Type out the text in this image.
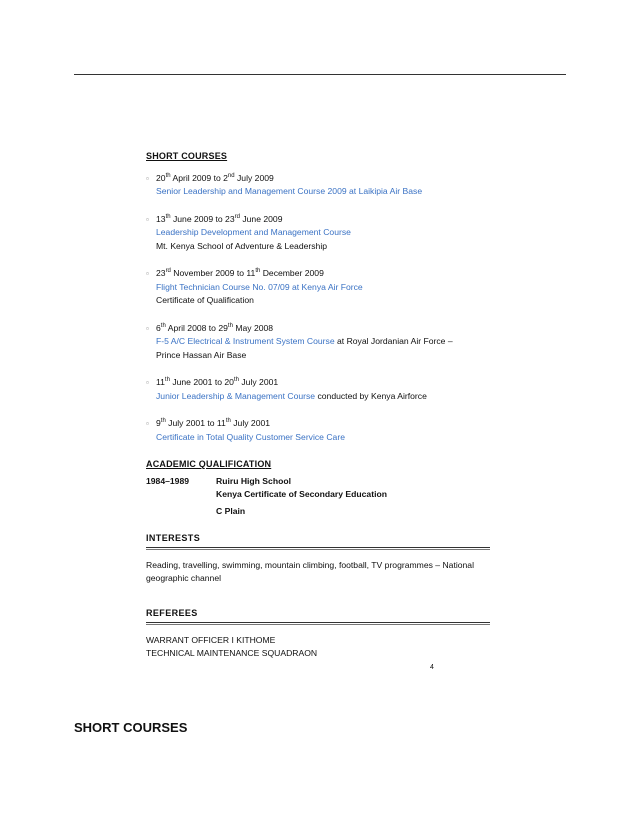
SHORT COURSES
▫ 20th April 2009 to 2nd July 2009
Senior Leadership and Management Course 2009 at Laikipia Air Base
▫ 13th June 2009 to 23rd June 2009
Leadership Development and Management Course
Mt. Kenya School of Adventure & Leadership
▫ 23rd November 2009 to 11th December 2009
Flight Technician Course No. 07/09 at Kenya Air Force
Certificate of Qualification
▫ 6th April 2008 to 29th May 2008
F-5 A/C Electrical & Instrument System Course at Royal Jordanian Air Force –
Prince Hassan Air Base
▫ 11th June 2001 to 20th July 2001
Junior Leadership & Management Course conducted by Kenya Airforce
▫ 9th July 2001 to 11th July 2001
Certificate in Total Quality Customer Service Care
ACADEMIC QUALIFICATION
1984–1989	Ruiru High School
Kenya Certificate of Secondary Education
C Plain
INTERESTS
Reading, travelling, swimming, mountain climbing, football, TV programmes – National geographic channel
REFEREES
WARRANT OFFICER I KITHOME
TECHNICAL MAINTENANCE SQUADRAON
4
SHORT COURSES
